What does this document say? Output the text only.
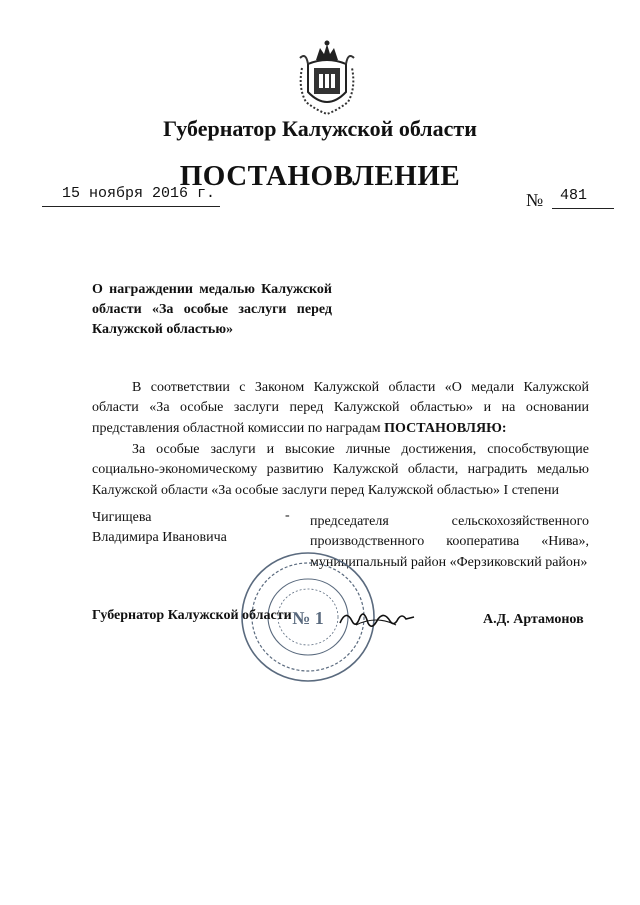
Губернатор Калужской области
ПОСТАНОВЛЕНИЕ
15 ноября 2016 г.	№ 481
О награждении медалью Калужской области «За особые заслуги перед Калужской областью»
В соответствии с Законом Калужской области «О медали Калужской области «За особые заслуги перед Калужской областью» и на основании представления областной комиссии по наградам ПОСТАНОВЛЯЮ:
За особые заслуги и высокие личные достижения, способствующие социально-экономическому развитию Калужской области, наградить медалью Калужской области «За особые заслуги перед Калужской областью» I степени
Чигищева
Владимира Ивановича
- председателя сельскохозяйственного производственного кооператива «Нива», муниципальный район «Ферзиковский район»
№ 1
Губернатор Калужской области	А.Д. Артамонов
